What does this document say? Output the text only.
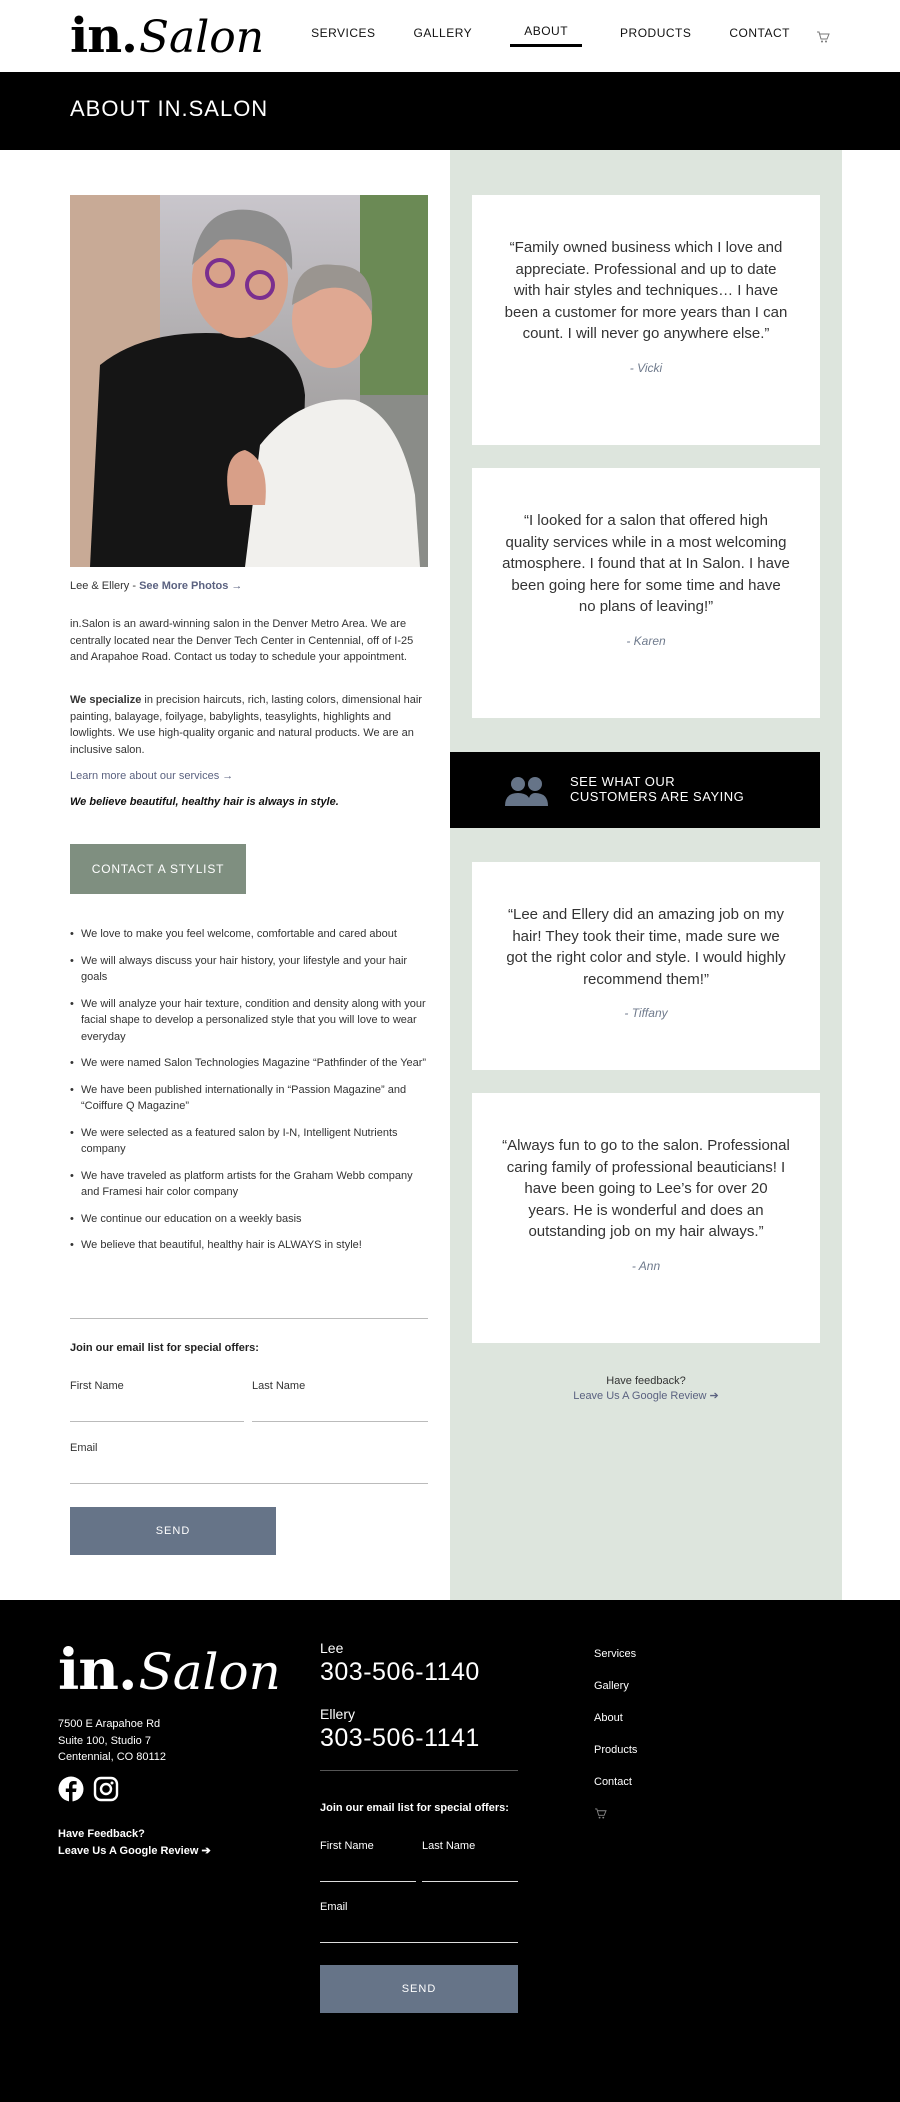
in.Salon	SERVICES	GALLERY	ABOUT	PRODUCTS	CONTACT
ABOUT IN.SALON
Lee & Ellery - See More Photos →

in.Salon is an award-winning salon in the Denver Metro Area. We are centrally located near the Denver Tech Center in Centennial, off of I-25 and Arapahoe Road. Contact us today to schedule your appointment.

We specialize in precision haircuts, rich, lasting colors, dimensional hair painting, balayage, foilyage, babylights, teasylights, highlights and lowlights. We use high-quality organic and natural products. We are an inclusive salon.

Learn more about our services →
We believe beautiful, healthy hair is always in style.
CONTACT A STYLIST
• We love to make you feel welcome, comfortable and cared about
• We will always discuss your hair history, your lifestyle and your hair goals
• We will analyze your hair texture, condition and density along with your facial shape to develop a personalized style that you will love to wear everyday
• We were named Salon Technologies Magazine “Pathfinder of the Year”
• We have been published internationally in “Passion Magazine” and “Coiffure Q Magazine”
• We were selected as a featured salon by I-N, Intelligent Nutrients company
• We have traveled as platform artists for the Graham Webb company and Framesi hair color company
• We continue our education on a weekly basis
• We believe that beautiful, healthy hair is ALWAYS in style!
Join our email list for special offers:
First Name	Last Name
Email
SEND

“Family owned business which I love and appreciate. Professional and up to date with hair styles and techniques… I have been a customer for more years than I can count. I will never go anywhere else.”

- Vicki

“I looked for a salon that offered high quality services while in a most welcoming atmosphere. I found that at In Salon. I have been going here for some time and have no plans of leaving!”

- Karen

SEE WHAT OUR
CUSTOMERS ARE SAYING

“Lee and Ellery did an amazing job on my hair! They took their time, made sure we got the right color and style. I would highly recommend them!”

- Tiffany

“Always fun to go to the salon. Professional caring family of professional beauticians! I have been going to Lee’s for over 20 years. He is wonderful and does an outstanding job on my hair always.”

- Ann

Have feedback?
Leave Us A Google Review ➔
in.Salon
7500 E Arapahoe Rd
Suite 100, Studio 7
Centennial, CO 80112
Have Feedback?
Leave Us A Google Review ➔
Lee
303-506-1140
Ellery
303-506-1141
Join our email list for special offers:
First Name	Last Name
Email
SEND
Services
Gallery
About
Products
Contact
